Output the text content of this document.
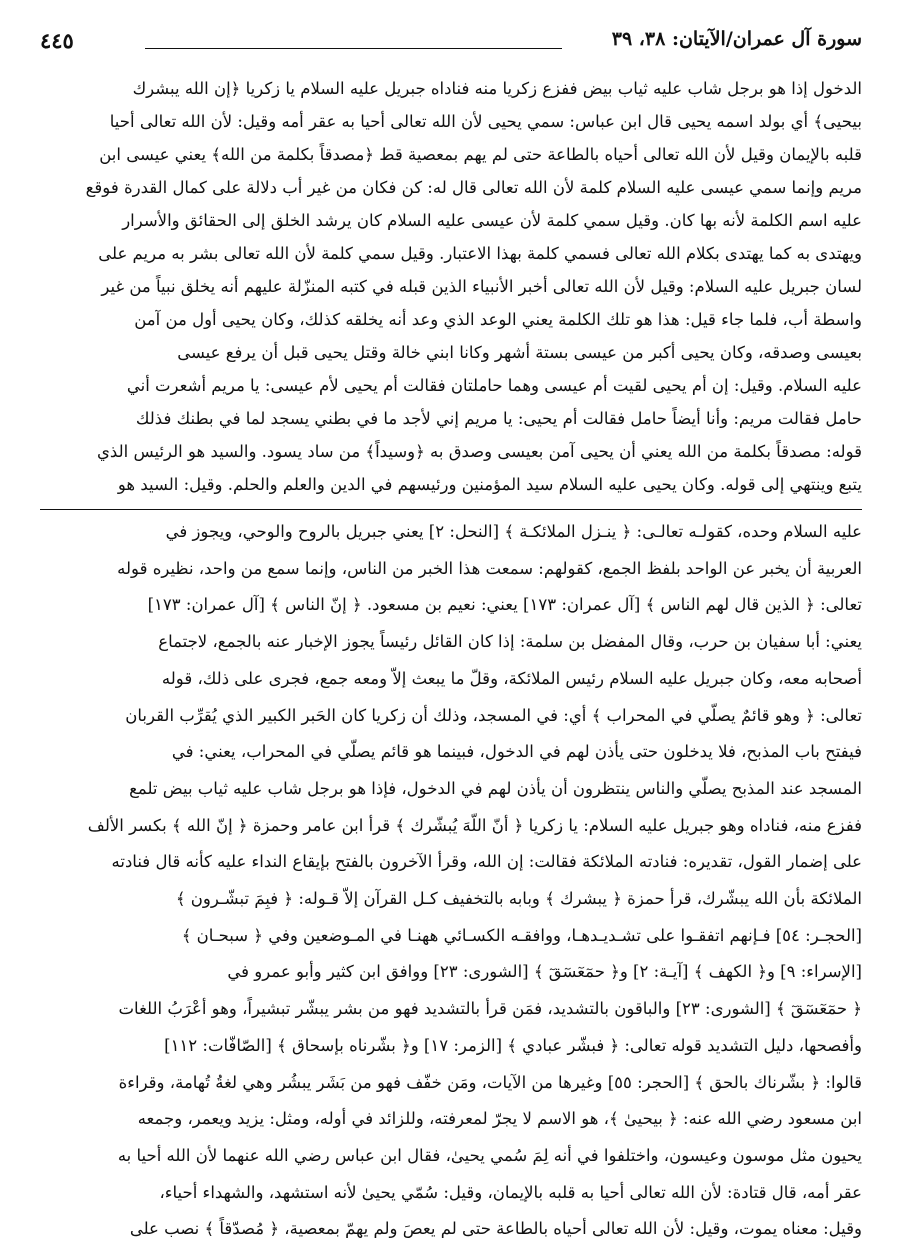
سورة آل عمران/الآيتان: ٣٨، ٣٩
٤٤٥
الدخول إذا هو برجل شاب عليه ثياب بيض ففزع زكريا منه فناداه جبريل عليه السلام يا زكريا ﴿إن الله يبشرك
بيحيى﴾ أي بولد اسمه يحيى قال ابن عباس: سمي يحيى لأن الله تعالى أحيا به عقر أمه وقيل: لأن الله تعالى أحيا
قلبه بالإيمان وقيل لأن الله تعالى أحياه بالطاعة حتى لم يهم بمعصية قط ﴿مصدقاً بكلمة من الله﴾ يعني عيسى ابن
مريم وإنما سمي عيسى عليه السلام كلمة لأن الله تعالى قال له: كن فكان من غير أب دلالة على كمال القدرة فوقع
عليه اسم الكلمة لأنه بها كان. وقيل سمي كلمة لأن عيسى عليه السلام كان يرشد الخلق إلى الحقائق والأسرار
ويهتدى به كما يهتدى بكلام الله تعالى فسمي كلمة بهذا الاعتبار. وقيل سمي كلمة لأن الله تعالى بشر به مريم على
لسان جبريل عليه السلام: وقيل لأن الله تعالى أخبر الأنبياء الذين قبله في كتبه المنزّلة عليهم أنه يخلق نبياً من غير
واسطة أب، فلما جاء قيل: هذا هو تلك الكلمة يعني الوعد الذي وعد أنه يخلقه كذلك، وكان يحيى أول من آمن
بعيسى وصدقه، وكان يحيى أكبر من عيسى بستة أشهر وكانا ابني خالة وقتل يحيى قبل أن يرفع عيسى
عليه السلام. وقيل: إن أم يحيى لقيت أم عيسى وهما حاملتان فقالت أم يحيى لأم عيسى: يا مريم أشعرت أني
حامل فقالت مريم: وأنا أيضاً حامل فقالت أم يحيى: يا مريم إني لأجد ما في بطني يسجد لما في بطنك فذلك
قوله: مصدقاً بكلمة من الله يعني أن يحيى آمن بعيسى وصدق به ﴿وسيداً﴾ من ساد يسود. والسيد هو الرئيس الذي
يتبع وينتهي إلى قوله. وكان يحيى عليه السلام سيد المؤمنين ورئيسهم في الدين والعلم والحلم. وقيل: السيد هو
عليه السلام وحده، كقولـه تعالـى: ﴿ ينـزل الملائكـة ﴾ [النحل: ٢] يعني جبريل بالروح والوحي، ويجوز في
العربية أن يخبر عن الواحد بلفظ الجمع، كقولهم: سمعت هذا الخبر من الناس، وإنما سمع من واحد، نظيره قوله
تعالى: ﴿ الذين قال لهم الناس ﴾ [آل عمران: ١٧٣] يعني: نعيم بن مسعود. ﴿ إنّ الناس ﴾ [آل عمران: ١٧٣]
يعني: أبا سفيان بن حرب، وقال المفضل بن سلمة: إذا كان القائل رئيساً يجوز الإخبار عنه بالجمع، لاجتماع
أصحابه معه، وكان جبريل عليه السلام رئيس الملائكة، وقلّ ما يبعث إلاّ ومعه جمع، فجرى على ذلك، قوله
تعالى: ﴿ وهو قائمٌ يصلّي في المحراب ﴾ أي: في المسجد، وذلك أن زكريا كان الحَبر الكبير الذي يُقرِّب القربان
فيفتح باب المذبح، فلا يدخلون حتى يأذن لهم في الدخول، فبينما هو قائم يصلّي في المحراب، يعني: في
المسجد عند المذبح يصلّي والناس ينتظرون أن يأذن لهم في الدخول، فإذا هو برجل شاب عليه ثياب بيض تلمع
ففزع منه، فناداه وهو جبريل عليه السلام: يا زكريا ﴿ أنّ اللّهَ يُبشّرك ﴾ قرأ ابن عامر وحمزة ﴿ إنّ الله ﴾ بكسر الألف
على إضمار القول، تقديره: فنادته الملائكة فقالت: إن الله، وقرأ الآخرون بالفتح بإيقاع النداء عليه كأنه قال فنادته
الملائكة بأن الله يبشّرك، قرأ حمزة ﴿ يبشرك ﴾ وبابه بالتخفيف كـل القرآن إلاّ قـوله: ﴿ فبِمَ تبشّـرون ﴾
[الحجـر: ٥٤] فـإنهم اتفقـوا على تشـديـدهـا، ووافقـه الكسـائي ههنـا في المـوضعين وفي ﴿ سبحـان ﴾
[الإسراء: ٩] و﴿ الكهف ﴾ [آيـة: ٢] و﴿ حمٓعٓسٓقٓ ﴾ [الشورى: ٢٣] ووافق ابن كثير وأبو عمرو في
﴿ حمٓعٓسٓقٓ ﴾ [الشورى: ٢٣] والباقون بالتشديد، فمَن قرأ بالتشديد فهو من بشر يبشّر تبشيراً، وهو أعْرَبُ اللغات
وأفصحها، دليل التشديد قوله تعالى: ﴿ فبشّر عبادي ﴾ [الزمر: ١٧] و﴿ بشّرناه بإسحاق ﴾ [الصّافّات: ١١٢]
قالوا: ﴿ بشّرناك بالحق ﴾ [الحجر: ٥٥] وغيرها من الآيات، ومَن خفّف فهو من بَشَر يبشُر وهي لغةُ تُهامة، وقراءة
ابن مسعود رضي الله عنه: ﴿ بيحيىٰ ﴾، هو الاسم لا يجرّ لمعرفته، وللزائد في أوله، ومثل: يزيد ويعمر، وجمعه
يحيون مثل موسون وعيسون، واختلفوا في أنه لِمَ سُمي يحيىٰ، فقال ابن عباس رضي الله عنهما لأن الله أحيا به
عقر أمه، قال قتادة: لأن الله تعالى أحيا به قلبه بالإيمان، وقيل: سُمّي يحيىٰ لأنه استشهد، والشهداء أحياء،
وقيل: معناه يموت، وقيل: لأن الله تعالى أحياه بالطاعة حتى لم يعصَ ولم يهمّ بمعصية، ﴿ مُصدّقاً ﴾ نصب على
